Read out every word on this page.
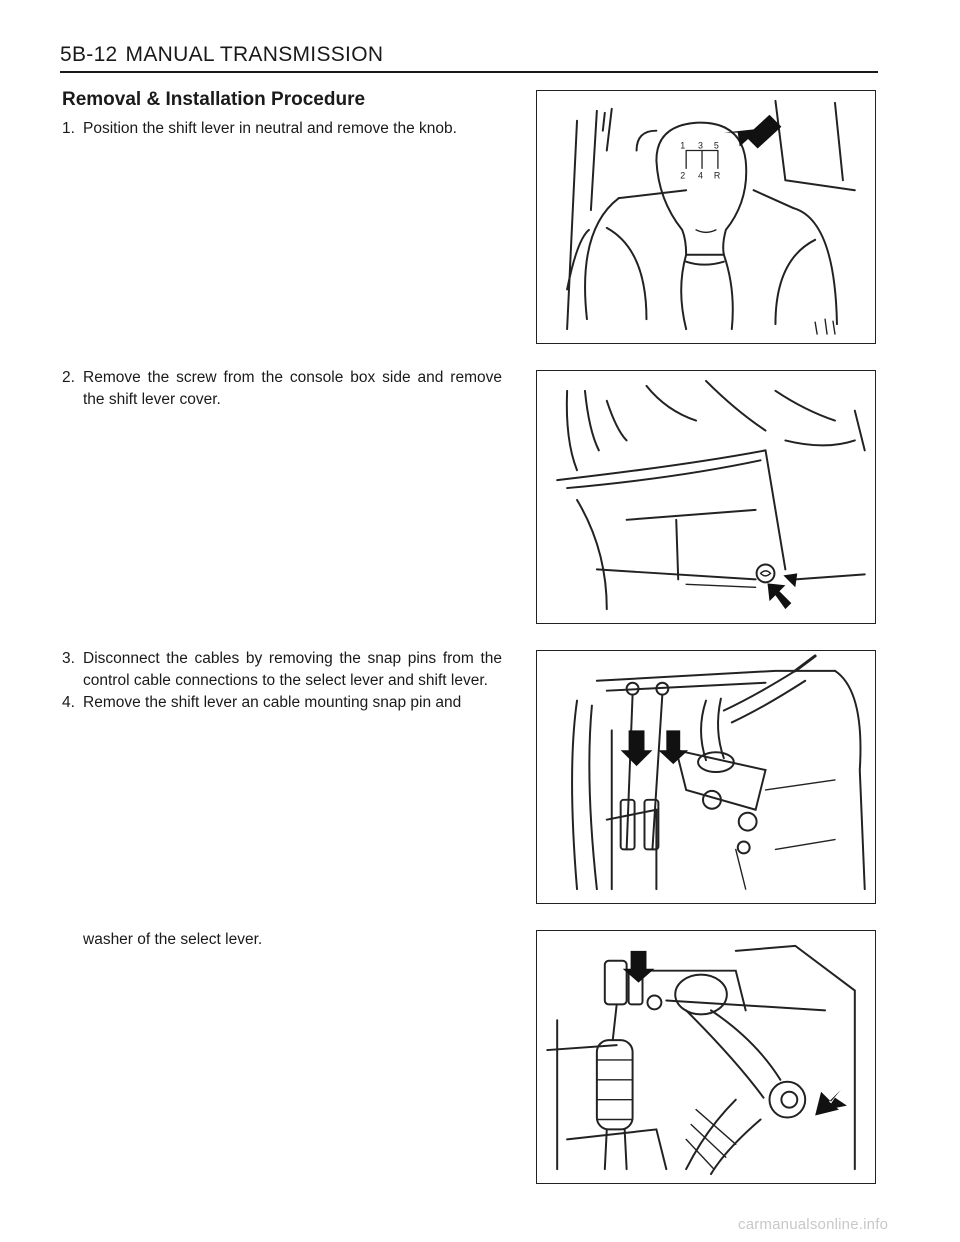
5B-12 MANUAL TRANSMISSION
Removal & Installation Procedure
1. Position the shift lever in neutral and remove the knob.
2. Remove the screw from the console box side and remove the shift lever cover.
3. Disconnect the cables by removing the snap pins from the control cable connections to the select lever and shift lever.
4. Remove the shift lever an cable mounting snap pin and
washer of the select lever.
1 3 5
2 4 R
carmanualsonline.info
